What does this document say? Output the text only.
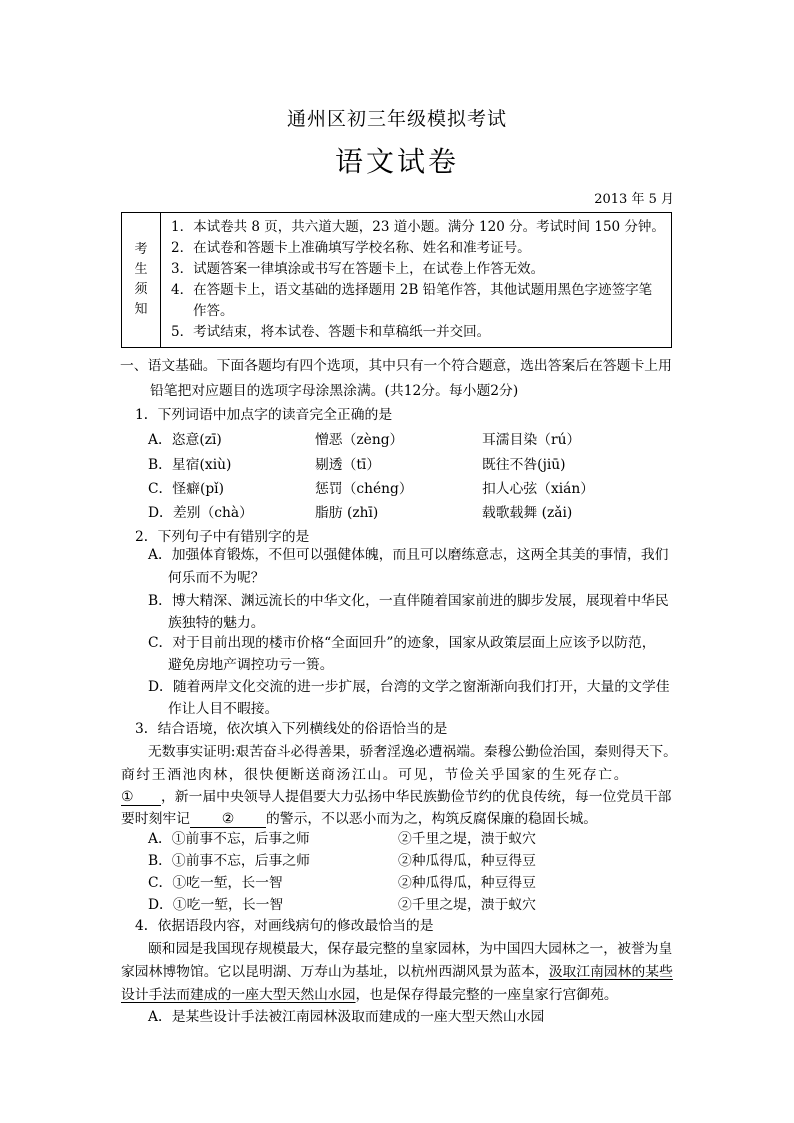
通州区初三年级模拟考试
语文试卷
2013 年 5 月
考
生
须
知

1．本试卷共 8 页，共六道大题，23 道小题。满分 120 分。考试时间 150 分钟。
2．在试卷和答题卡上准确填写学校名称、姓名和准考证号。
3．试题答案一律填涂或书写在答题卡上，在试卷上作答无效。
4．在答题卡上，语文基础的选择题用 2B 铅笔作答，其他试题用黑色字迹签字笔
作答。
5．考试结束，将本试卷、答题卡和草稿纸一并交回。
一、语文基础。下面各题均有四个选项，其中只有一个符合题意，选出答案后在答题卡上用
铅笔把对应题目的选项字母涂黑涂满。(共12分。每小题2分)
1．下列词语中加点字的读音完全正确的是
A．恣意(zī)	憎恶（zèng）	耳濡目染（rú）
B．星宿(xiù)	剔透（tī）	既往不咎(jiū)
C．怪癖(pǐ)	惩罚（chéng）	扣人心弦（xián）
D．差别（chà）	脂肪 (zhī)	载歌载舞 (zǎi)
2．下列句子中有错别字的是
A．加强体育锻炼，不但可以强健体魄，而且可以磨练意志，这两全其美的事情，我们
何乐而不为呢？
B．博大精深、渊远流长的中华文化，一直伴随着国家前进的脚步发展，展现着中华民
族独特的魅力。
C．对于目前出现的楼市价格“全面回升”的迹象，国家从政策层面上应该予以防范，
避免房地产调控功亏一篑。
D．随着两岸文化交流的进一步扩展，台湾的文学之窗渐渐向我们打开，大量的文学佳
作让人目不暇接。
3．结合语境，依次填入下列横线处的俗语恰当的是
无数事实证明:艰苦奋斗必得善果，骄奢淫逸必遭祸端。秦穆公勤俭治国，秦则得天下。
商纣王酒池肉林，很快便断送商汤江山。可见，节俭关乎国家的生死存亡。
① ，新一届中央领导人提倡要大力弘扬中华民族勤俭节约的优良传统，每一位党员干部
要时刻牢记 ② 的警示，不以恶小而为之，构筑反腐保廉的稳固长城。
A．①前事不忘，后事之师	②千里之堤，溃于蚁穴
B．①前事不忘，后事之师	②种瓜得瓜，种豆得豆
C．①吃一堑，长一智	②种瓜得瓜，种豆得豆
D．①吃一堑，长一智	②千里之堤，溃于蚁穴
4．依据语段内容，对画线病句的修改最恰当的是
颐和园是我国现存规模最大，保存最完整的皇家园林，为中国四大园林之一，被誉为皇
家园林博物馆。它以昆明湖、万寿山为基址，以杭州西湖风景为蓝本，汲取江南园林的某些
设计手法而建成的一座大型天然山水园，也是保存得最完整的一座皇家行宫御苑。
A．是某些设计手法被江南园林汲取而建成的一座大型天然山水园
